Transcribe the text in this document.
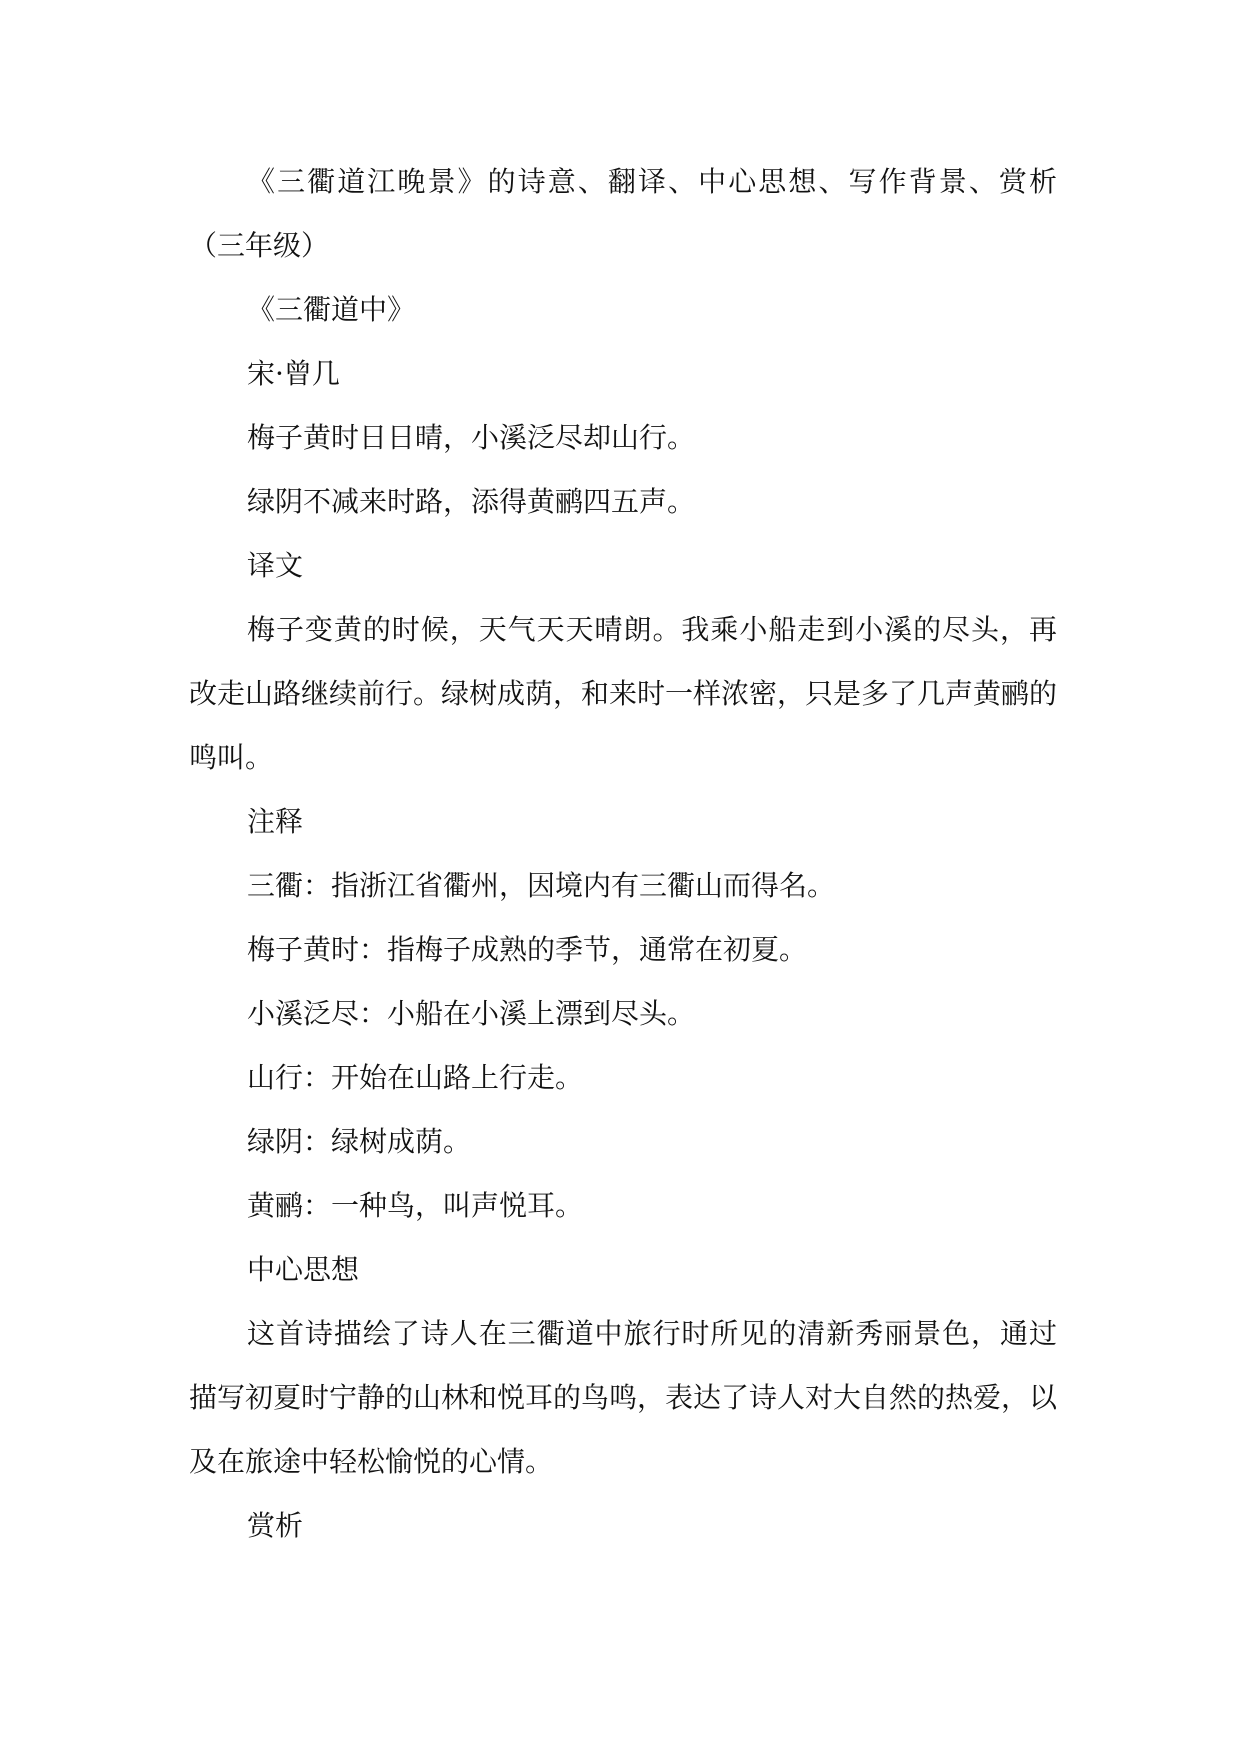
《三衢道江晚景》的诗意、翻译、中心思想、写作背景、赏析（三年级）

《三衢道中》

宋·曾几

梅子黄时日日晴，小溪泛尽却山行。

绿阴不减来时路，添得黄鹂四五声。

译文

梅子变黄的时候，天气天天晴朗。我乘小船走到小溪的尽头，再改走山路继续前行。绿树成荫，和来时一样浓密，只是多了几声黄鹂的鸣叫。

注释

三衢：指浙江省衢州，因境内有三衢山而得名。

梅子黄时：指梅子成熟的季节，通常在初夏。

小溪泛尽：小船在小溪上漂到尽头。

山行：开始在山路上行走。

绿阴：绿树成荫。

黄鹂：一种鸟，叫声悦耳。

中心思想

这首诗描绘了诗人在三衢道中旅行时所见的清新秀丽景色，通过描写初夏时宁静的山林和悦耳的鸟鸣，表达了诗人对大自然的热爱，以及在旅途中轻松愉悦的心情。

赏析
